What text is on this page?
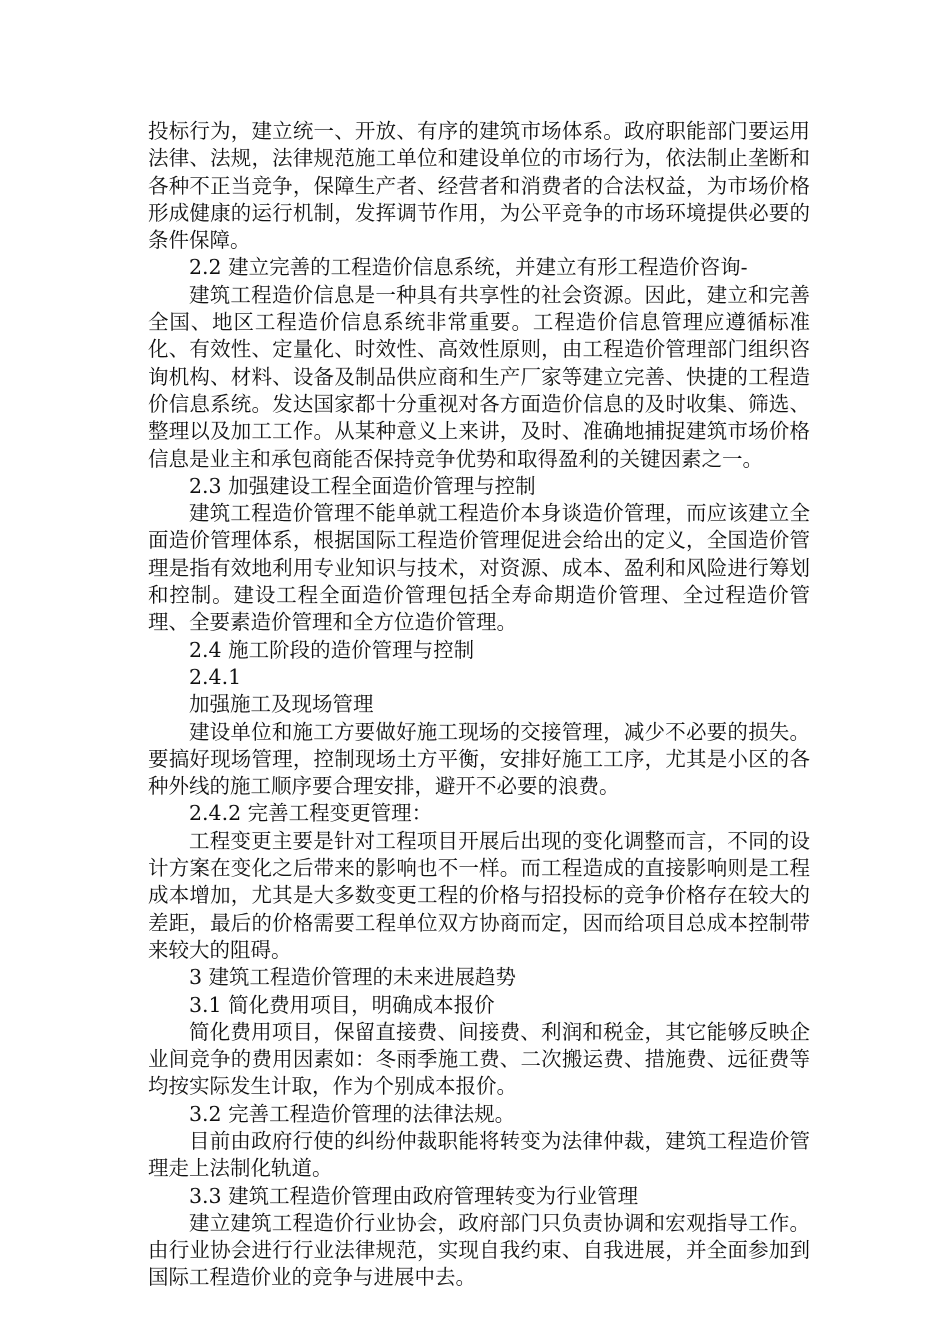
投标行为，建立统一、开放、有序的建筑市场体系。政府职能部门要运用法律、法规，法律规范施工单位和建设单位的市场行为，依法制止垄断和各种不正当竞争，保障生产者、经营者和消费者的合法权益，为市场价格形成健康的运行机制，发挥调节作用，为公平竞争的市场环境提供必要的条件保障。

2.2 建立完善的工程造价信息系统，并建立有形工程造价咨询-

建筑工程造价信息是一种具有共享性的社会资源。因此，建立和完善全国、地区工程造价信息系统非常重要。工程造价信息管理应遵循标准化、有效性、定量化、时效性、高效性原则，由工程造价管理部门组织咨询机构、材料、设备及制品供应商和生产厂家等建立完善、快捷的工程造价信息系统。发达国家都十分重视对各方面造价信息的及时收集、筛选、整理以及加工工作。从某种意义上来讲，及时、准确地捕捉建筑市场价格信息是业主和承包商能否保持竞争优势和取得盈利的关键因素之一。

2.3 加强建设工程全面造价管理与控制

建筑工程造价管理不能单就工程造价本身谈造价管理，而应该建立全面造价管理体系，根据国际工程造价管理促进会给出的定义，全国造价管理是指有效地利用专业知识与技术，对资源、成本、盈利和风险进行筹划和控制。建设工程全面造价管理包括全寿命期造价管理、全过程造价管理、全要素造价管理和全方位造价管理。

2.4 施工阶段的造价管理与控制

2.4.1

加强施工及现场管理

建设单位和施工方要做好施工现场的交接管理，减少不必要的损失。要搞好现场管理，控制现场土方平衡，安排好施工工序，尤其是小区的各种外线的施工顺序要合理安排，避开不必要的浪费。

2.4.2 完善工程变更管理：

工程变更主要是针对工程项目开展后出现的变化调整而言，不同的设计方案在变化之后带来的影响也不一样。而工程造成的直接影响则是工程成本增加，尤其是大多数变更工程的价格与招投标的竞争价格存在较大的差距，最后的价格需要工程单位双方协商而定，因而给项目总成本控制带来较大的阻碍。

3 建筑工程造价管理的未来进展趋势

3.1 简化费用项目，明确成本报价

简化费用项目，保留直接费、间接费、利润和税金，其它能够反映企业间竞争的费用因素如：冬雨季施工费、二次搬运费、措施费、远征费等均按实际发生计取，作为个别成本报价。

3.2 完善工程造价管理的法律法规。

目前由政府行使的纠纷仲裁职能将转变为法律仲裁，建筑工程造价管理走上法制化轨道。

3.3 建筑工程造价管理由政府管理转变为行业管理

建立建筑工程造价行业协会，政府部门只负责协调和宏观指导工作。由行业协会进行行业法律规范，实现自我约束、自我进展，并全面参加到国际工程造价业的竞争与进展中去。
